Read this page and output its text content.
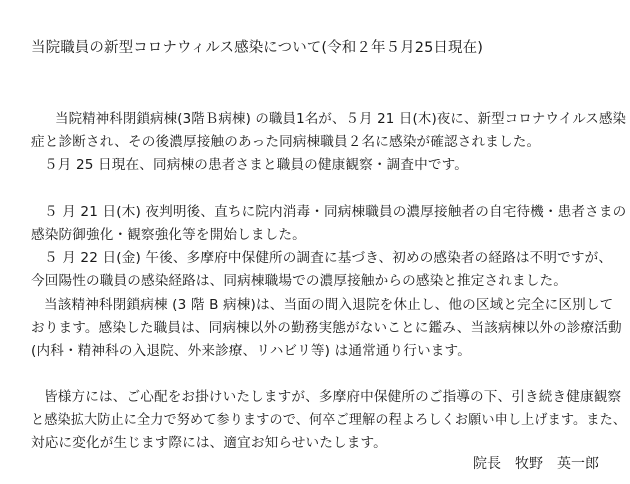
当院職員の新型コロナウィルス感染について(令和２年５月25日現在)
当院精神科閉鎖病棟(3階Ｂ病棟) の職員1名が、５月 21 日(木)夜に、新型コロナウイルス感染
症と診断され、その後濃厚接触のあった同病棟職員２名に感染が確認されました。
５月 25 日現在、同病棟の患者さまと職員の健康観察・調査中です。
５ 月 21 日(木) 夜判明後、直ちに院内消毒・同病棟職員の濃厚接触者の自宅待機・患者さまの
感染防御強化・観察強化等を開始しました。
５ 月 22 日(金) 午後、多摩府中保健所の調査に基づき、初めの感染者の経路は不明ですが、
今回陽性の職員の感染経路は、同病棟職場での濃厚接触からの感染と推定されました。
当該精神科閉鎖病棟 (3 階 B 病棟)は、当面の間入退院を休止し、他の区域と完全に区別して
おります。感染した職員は、同病棟以外の勤務実態がないことに鑑み、当該病棟以外の診療活動
(内科・精神科の入退院、外来診療、リハビリ等) は通常通り行います。
皆様方には、ご心配をお掛けいたしますが、多摩府中保健所のご指導の下、引き続き健康観察
と感染拡大防止に全力で努めて参りますので、何卒ご理解の程よろしくお願い申し上げます。また、
対応に変化が生じます際には、適宜お知らせいたします。
院長　牧野　英一郎
